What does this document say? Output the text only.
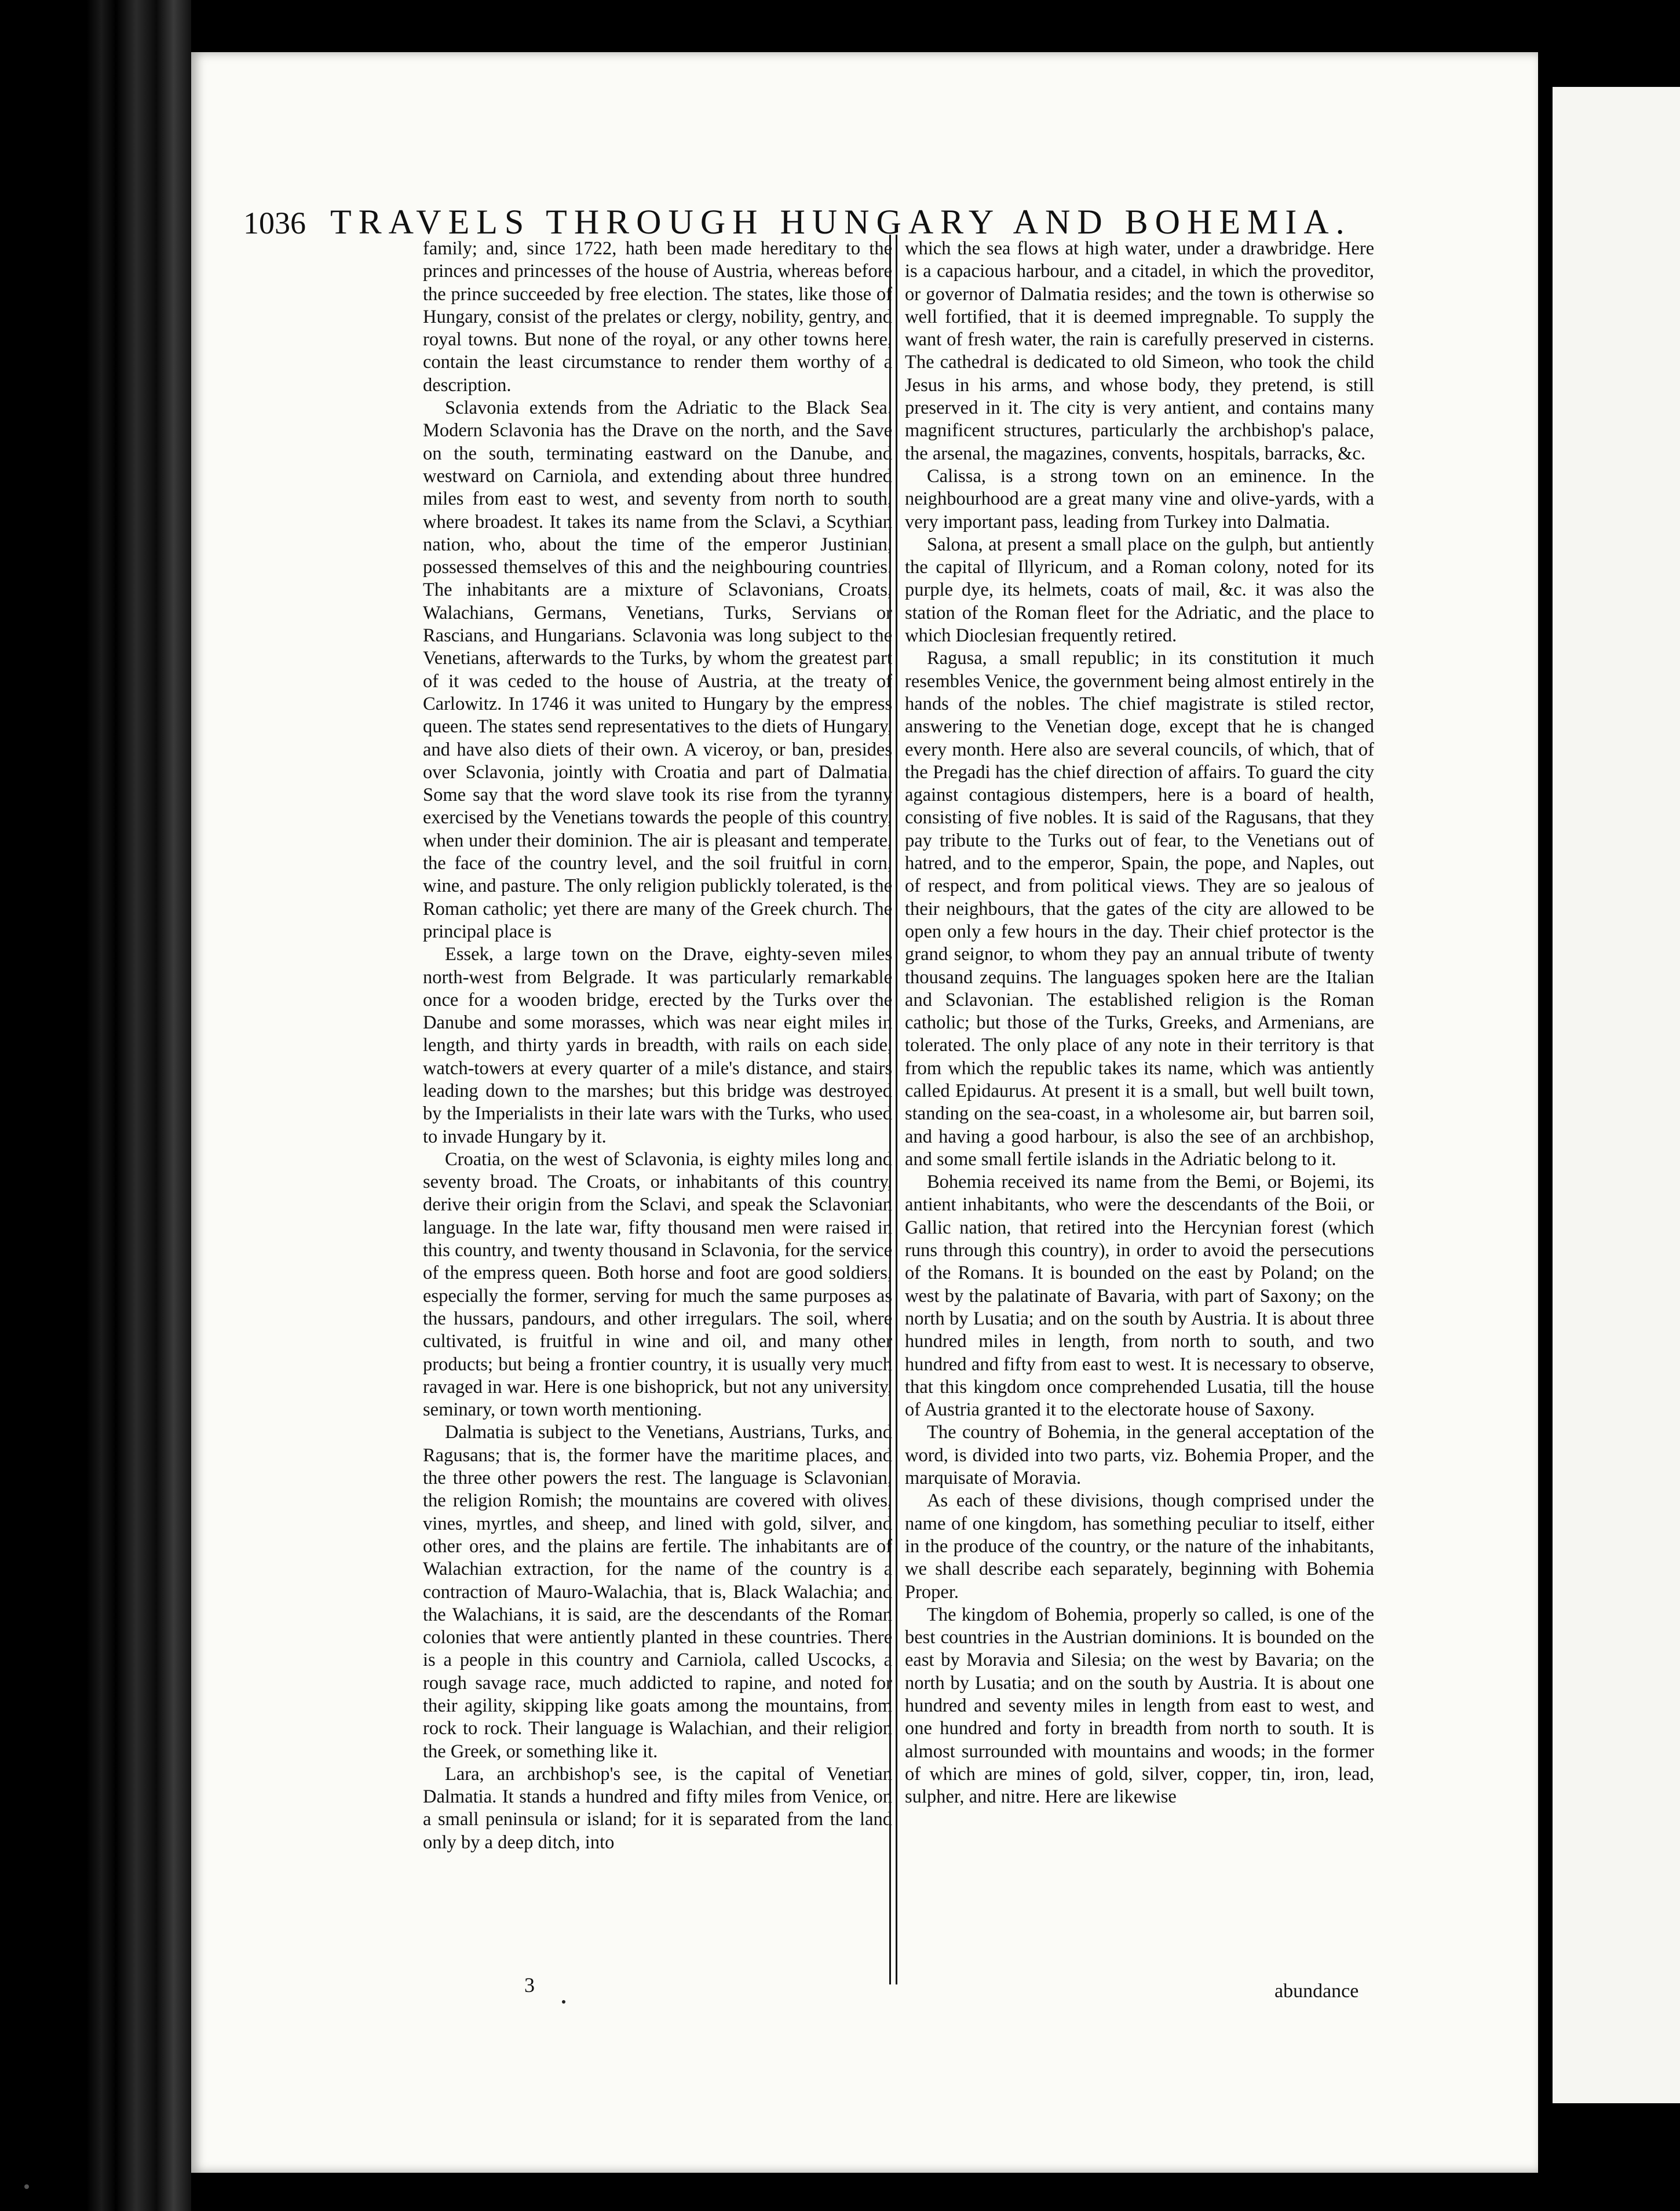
1036 TRAVELS THROUGH HUNGARY AND BOHEMIA.

family; and, since 1722, hath been made hereditary to the princes and princesses of the house of Austria, whereas before the prince succeeded by free election. The states, like those of Hungary, consist of the prelates or clergy, nobility, gentry, and royal towns. But none of the royal, or any other towns here, contain the least circumstance to render them worthy of a description.

Sclavonia extends from the Adriatic to the Black Sea. Modern Sclavonia has the Drave on the north, and the Save on the south, terminating eastward on the Danube, and westward on Carniola, and extending about three hundred miles from east to west, and seventy from north to south, where broadest. It takes its name from the Sclavi, a Scythian nation, who, about the time of the emperor Justinian, possessed themselves of this and the neighbouring countries. The inhabitants are a mixture of Sclavonians, Croats, Walachians, Germans, Venetians, Turks, Servians or Rascians, and Hungarians. Sclavonia was long subject to the Venetians, afterwards to the Turks, by whom the greatest part of it was ceded to the house of Austria, at the treaty of Carlowitz. In 1746 it was united to Hungary by the empress queen. The states send representatives to the diets of Hungary, and have also diets of their own. A viceroy, or ban, presides over Sclavonia, jointly with Croatia and part of Dalmatia. Some say that the word slave took its rise from the tyranny exercised by the Venetians towards the people of this country, when under their dominion. The air is pleasant and temperate, the face of the country level, and the soil fruitful in corn, wine, and pasture. The only religion publickly tolerated, is the Roman catholic; yet there are many of the Greek church. The principal place is

Essek, a large town on the Drave, eighty-seven miles north-west from Belgrade. It was particularly remarkable once for a wooden bridge, erected by the Turks over the Danube and some morasses, which was near eight miles in length, and thirty yards in breadth, with rails on each side, watch-towers at every quarter of a mile's distance, and stairs leading down to the marshes; but this bridge was destroyed by the Imperialists in their late wars with the Turks, who used to invade Hungary by it.

Croatia, on the west of Sclavonia, is eighty miles long and seventy broad. The Croats, or inhabitants of this country, derive their origin from the Sclavi, and speak the Sclavonian language. In the late war, fifty thousand men were raised in this country, and twenty thousand in Sclavonia, for the service of the empress queen. Both horse and foot are good soldiers, especially the former, serving for much the same purposes as the hussars, pandours, and other irregulars. The soil, where cultivated, is fruitful in wine and oil, and many other products; but being a frontier country, it is usually very much ravaged in war. Here is one bishoprick, but not any university, seminary, or town worth mentioning.

Dalmatia is subject to the Venetians, Austrians, Turks, and Ragusans; that is, the former have the maritime places, and the three other powers the rest. The language is Sclavonian, the religion Romish; the mountains are covered with olives, vines, myrtles, and sheep, and lined with gold, silver, and other ores, and the plains are fertile. The inhabitants are of Walachian extraction, for the name of the country is a contraction of Mauro-Walachia, that is, Black Walachia; and the Walachians, it is said, are the descendants of the Roman colonies that were antiently planted in these countries. There is a people in this country and Carniola, called Uscocks, a rough savage race, much addicted to rapine, and noted for their agility, skipping like goats among the mountains, from rock to rock. Their language is Walachian, and their religion the Greek, or something like it.

Lara, an archbishop's see, is the capital of Venetian Dalmatia. It stands a hundred and fifty miles from Venice, on a small peninsula or island; for it is separated from the land only by a deep ditch, into

which the sea flows at high water, under a drawbridge. Here is a capacious harbour, and a citadel, in which the proveditor, or governor of Dalmatia resides; and the town is otherwise so well fortified, that it is deemed impregnable. To supply the want of fresh water, the rain is carefully preserved in cisterns. The cathedral is dedicated to old Simeon, who took the child Jesus in his arms, and whose body, they pretend, is still preserved in it. The city is very antient, and contains many magnificent structures, particularly the archbishop's palace, the arsenal, the magazines, convents, hospitals, barracks, &c.

Calissa, is a strong town on an eminence. In the neighbourhood are a great many vine and olive-yards, with a very important pass, leading from Turkey into Dalmatia.

Salona, at present a small place on the gulph, but antiently the capital of Illyricum, and a Roman colony, noted for its purple dye, its helmets, coats of mail, &c. it was also the station of the Roman fleet for the Adriatic, and the place to which Dioclesian frequently retired.

Ragusa, a small republic; in its constitution it much resembles Venice, the government being almost entirely in the hands of the nobles. The chief magistrate is stiled rector, answering to the Venetian doge, except that he is changed every month. Here also are several councils, of which, that of the Pregadi has the chief direction of affairs. To guard the city against contagious distempers, here is a board of health, consisting of five nobles. It is said of the Ragusans, that they pay tribute to the Turks out of fear, to the Venetians out of hatred, and to the emperor, Spain, the pope, and Naples, out of respect, and from political views. They are so jealous of their neighbours, that the gates of the city are allowed to be open only a few hours in the day. Their chief protector is the grand seignor, to whom they pay an annual tribute of twenty thousand zequins. The languages spoken here are the Italian and Sclavonian. The established religion is the Roman catholic; but those of the Turks, Greeks, and Armenians, are tolerated. The only place of any note in their territory is that from which the republic takes its name, which was antiently called Epidaurus. At present it is a small, but well built town, standing on the sea-coast, in a wholesome air, but barren soil, and having a good harbour, is also the see of an archbishop, and some small fertile islands in the Adriatic belong to it.

Bohemia received its name from the Bemi, or Bojemi, its antient inhabitants, who were the descendants of the Boii, or Gallic nation, that retired into the Hercynian forest (which runs through this country), in order to avoid the persecutions of the Romans. It is bounded on the east by Poland; on the west by the palatinate of Bavaria, with part of Saxony; on the north by Lusatia; and on the south by Austria. It is about three hundred miles in length, from north to south, and two hundred and fifty from east to west. It is necessary to observe, that this kingdom once comprehended Lusatia, till the house of Austria granted it to the electorate house of Saxony.

The country of Bohemia, in the general acceptation of the word, is divided into two parts, viz. Bohemia Proper, and the marquisate of Moravia.

As each of these divisions, though comprised under the name of one kingdom, has something peculiar to itself, either in the produce of the country, or the nature of the inhabitants, we shall describe each separately, beginning with Bohemia Proper.

The kingdom of Bohemia, properly so called, is one of the best countries in the Austrian dominions. It is bounded on the east by Moravia and Silesia; on the west by Bavaria; on the north by Lusatia; and on the south by Austria. It is about one hundred and seventy miles in length from east to west, and one hundred and forty in breadth from north to south. It is almost surrounded with mountains and woods; in the former of which are mines of gold, silver, copper, tin, iron, lead, sulpher, and nitre. Here are likewise

3	abundance
